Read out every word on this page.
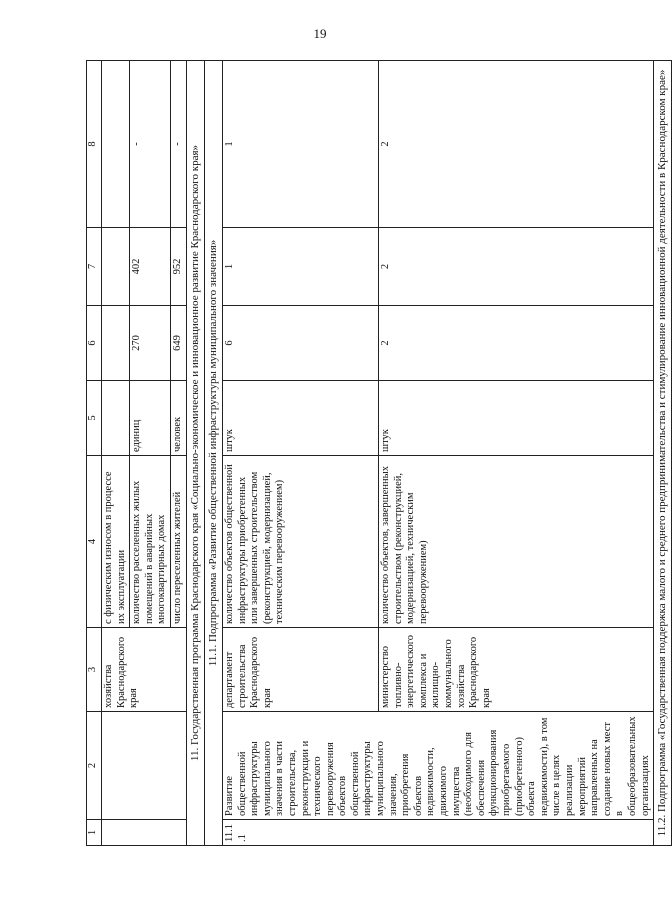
19
1	2	3	4	5	6	7	8
		хозяйства Краснодарского края	с физическим износом в процессе их эксплуатации				
			количество расселенных жилых помещений в аварийных многоквартирных домах	единиц	270	402	-
			число переселенных жителей	человек	649	952	-
11. Государственная программа Краснодарского края «Социально-экономическое и инновационное развитие Краснодарского края»							
11.1. Подпрограмма «Развитие общественной инфраструктуры муниципального значения»							
11.1.1	Развитие общественной инфраструктуры муниципального значения в части строительства, реконструкции и технического перевооружения объектов общественной инфраструктуры муниципального значения, приобретения объектов недвижимости, движимого имущества (необходимого для обеспечения функционирования приобретаемого (приобретенного) объекта недвижимости), в том числе в целях реализации мероприятий направленных на создание новых мест в общеобразовательных организациях	департамент строительства Краснодарского края	количество объектов общественной инфраструктуры приобретенных или завершенных строительством (реконструкцией, модернизацией, техническим перевооружением)	штук	6	1	1
		министерство топливно-энергетического комплекса и жилищно-коммунального хозяйства Краснодарского края	количество объектов, завершенных строительством (реконструкцией, модернизацией, техническим перевооружением)	штук	2	2	2
11.2. Подпрограмма «Государственная поддержка малого и среднего предпринимательства и стимулирование инновационной деятельности в Краснодарском крае»							
